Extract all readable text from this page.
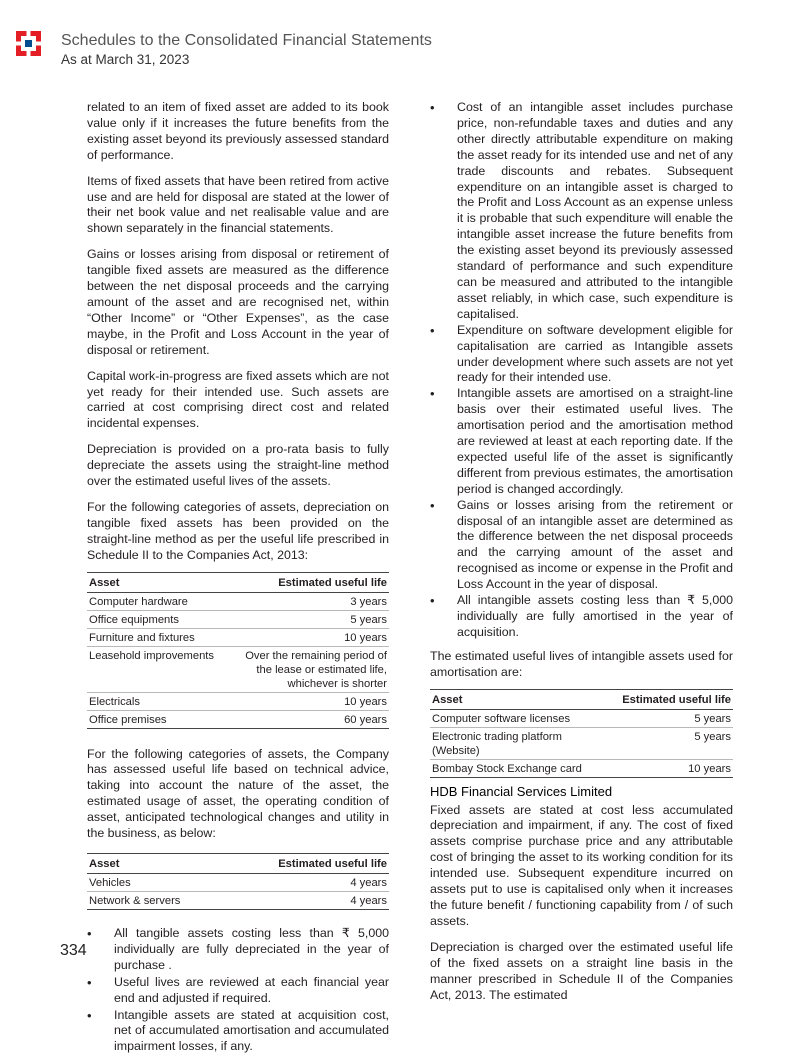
Schedules to the Consolidated Financial Statements
As at March 31, 2023

related to an item of fixed asset are added to its book value only if it increases the future benefits from the existing asset beyond its previously assessed standard of performance.

Items of fixed assets that have been retired from active use and are held for disposal are stated at the lower of their net book value and net realisable value and are shown separately in the financial statements.

Gains or losses arising from disposal or retirement of tangible fixed assets are measured as the difference between the net disposal proceeds and the carrying amount of the asset and are recognised net, within “Other Income” or “Other Expenses”, as the case maybe, in the Profit and Loss Account in the year of disposal or retirement.

Capital work-in-progress are fixed assets which are not yet ready for their intended use. Such assets are carried at cost comprising direct cost and related incidental expenses.

Depreciation is provided on a pro-rata basis to fully depreciate the assets using the straight-line method over the estimated useful lives of the assets.

For the following categories of assets, depreciation on tangible fixed assets has been provided on the straight-line method as per the useful life prescribed in Schedule II to the Companies Act, 2013:

Asset	Estimated useful life
Computer hardware	3 years
Office equipments	5 years
Furniture and fixtures	10 years
Leasehold improvements	Over the remaining period of the lease or estimated life, whichever is shorter
Electricals	10 years
Office premises	60 years

For the following categories of assets, the Company has assessed useful life based on technical advice, taking into account the nature of the asset, the estimated usage of asset, the operating condition of asset, anticipated technological changes and utility in the business, as below:

Asset	Estimated useful life
Vehicles	4 years
Network & servers	4 years
• All tangible assets costing less than ₹ 5,000 individually are fully depreciated in the year of purchase .
• Useful lives are reviewed at each financial year end and adjusted if required.
• Intangible assets are stated at acquisition cost, net of accumulated amortisation and accumulated impairment losses, if any.
• Cost of an intangible asset includes purchase price, non-refundable taxes and duties and any other directly attributable expenditure on making the asset ready for its intended use and net of any trade discounts and rebates. Subsequent expenditure on an intangible asset is charged to the Profit and Loss Account as an expense unless it is probable that such expenditure will enable the intangible asset increase the future benefits from the existing asset beyond its previously assessed standard of performance and such expenditure can be measured and attributed to the intangible asset reliably, in which case, such expenditure is capitalised.
• Expenditure on software development eligible for capitalisation are carried as Intangible assets under development where such assets are not yet ready for their intended use.
• Intangible assets are amortised on a straight-line basis over their estimated useful lives. The amortisation period and the amortisation method are reviewed at least at each reporting date. If the expected useful life of the asset is significantly different from previous estimates, the amortisation period is changed accordingly.
• Gains or losses arising from the retirement or disposal of an intangible asset are determined as the difference between the net disposal proceeds and the carrying amount of the asset and recognised as income or expense in the Profit and Loss Account in the year of disposal.
• All intangible assets costing less than ₹ 5,000 individually are fully amortised in the year of acquisition.

The estimated useful lives of intangible assets used for amortisation are:

Asset	Estimated useful life
Computer software licenses	5 years
Electronic trading platform (Website)	5 years
Bombay Stock Exchange card	10 years
HDB Financial Services Limited

Fixed assets are stated at cost less accumulated depreciation and impairment, if any. The cost of fixed assets comprise purchase price and any attributable cost of bringing the asset to its working condition for its intended use. Subsequent expenditure incurred on assets put to use is capitalised only when it increases the future benefit / functioning capability from / of such assets.

Depreciation is charged over the estimated useful life of the fixed assets on a straight line basis in the manner prescribed in Schedule II of the Companies Act, 2013. The estimated

334
